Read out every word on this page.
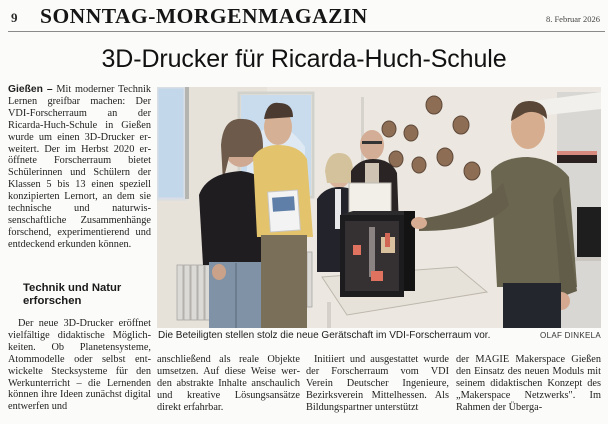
9 SONNTAG-MORGENMAGAZIN	8. Februar 2026
3D-Drucker für Ricarda-Huch-Schule
Gießen – Mit moderner Technik Lernen greifbar machen: Der VDI-Forscherraum an der Ricarda-Huch-Schule in Gießen wurde um einen 3D-Drucker erweitert. Der im Herbst 2020 eröffnete Forscherraum bietet Schülerinnen und Schülern der Klassen 5 bis 13 einen speziell konzipierten Lernort, an dem sie technische und naturwissenschaftliche Zusammenhänge forschend, experimentierend und entdeckend erkunden können.
Technik und Natur erforschen
Der neue 3D-Drucker eröffnet vielfältige didaktische Möglichkeiten. Ob Planetensysteme, Atommodelle oder selbst entwickelte Stecksysteme für den Werkunterricht – die Lernenden können ihre Ideen zunächst digital entwerfen und
Die Beteiligten stellen stolz die neue Gerätschaft im VDI-Forscherraum vor.	OLAF DINKELA
anschließend als reale Objekte umsetzen. Auf diese Weise werden abstrakte Inhalte anschaulich und kreative Lösungsansätze direkt erfahrbar.
Initiiert und ausgestattet wurde der Forscherraum vom VDI Verein Deutscher Ingenieure, Bezirksverein Mittelhessen. Als Bildungspartner unterstützt
der MAGIE Makerspace Gießen den Einsatz des neuen Moduls mit seinem didaktischen Konzept des „Makerspace Netzwerks". Im Rahmen der Überga-
